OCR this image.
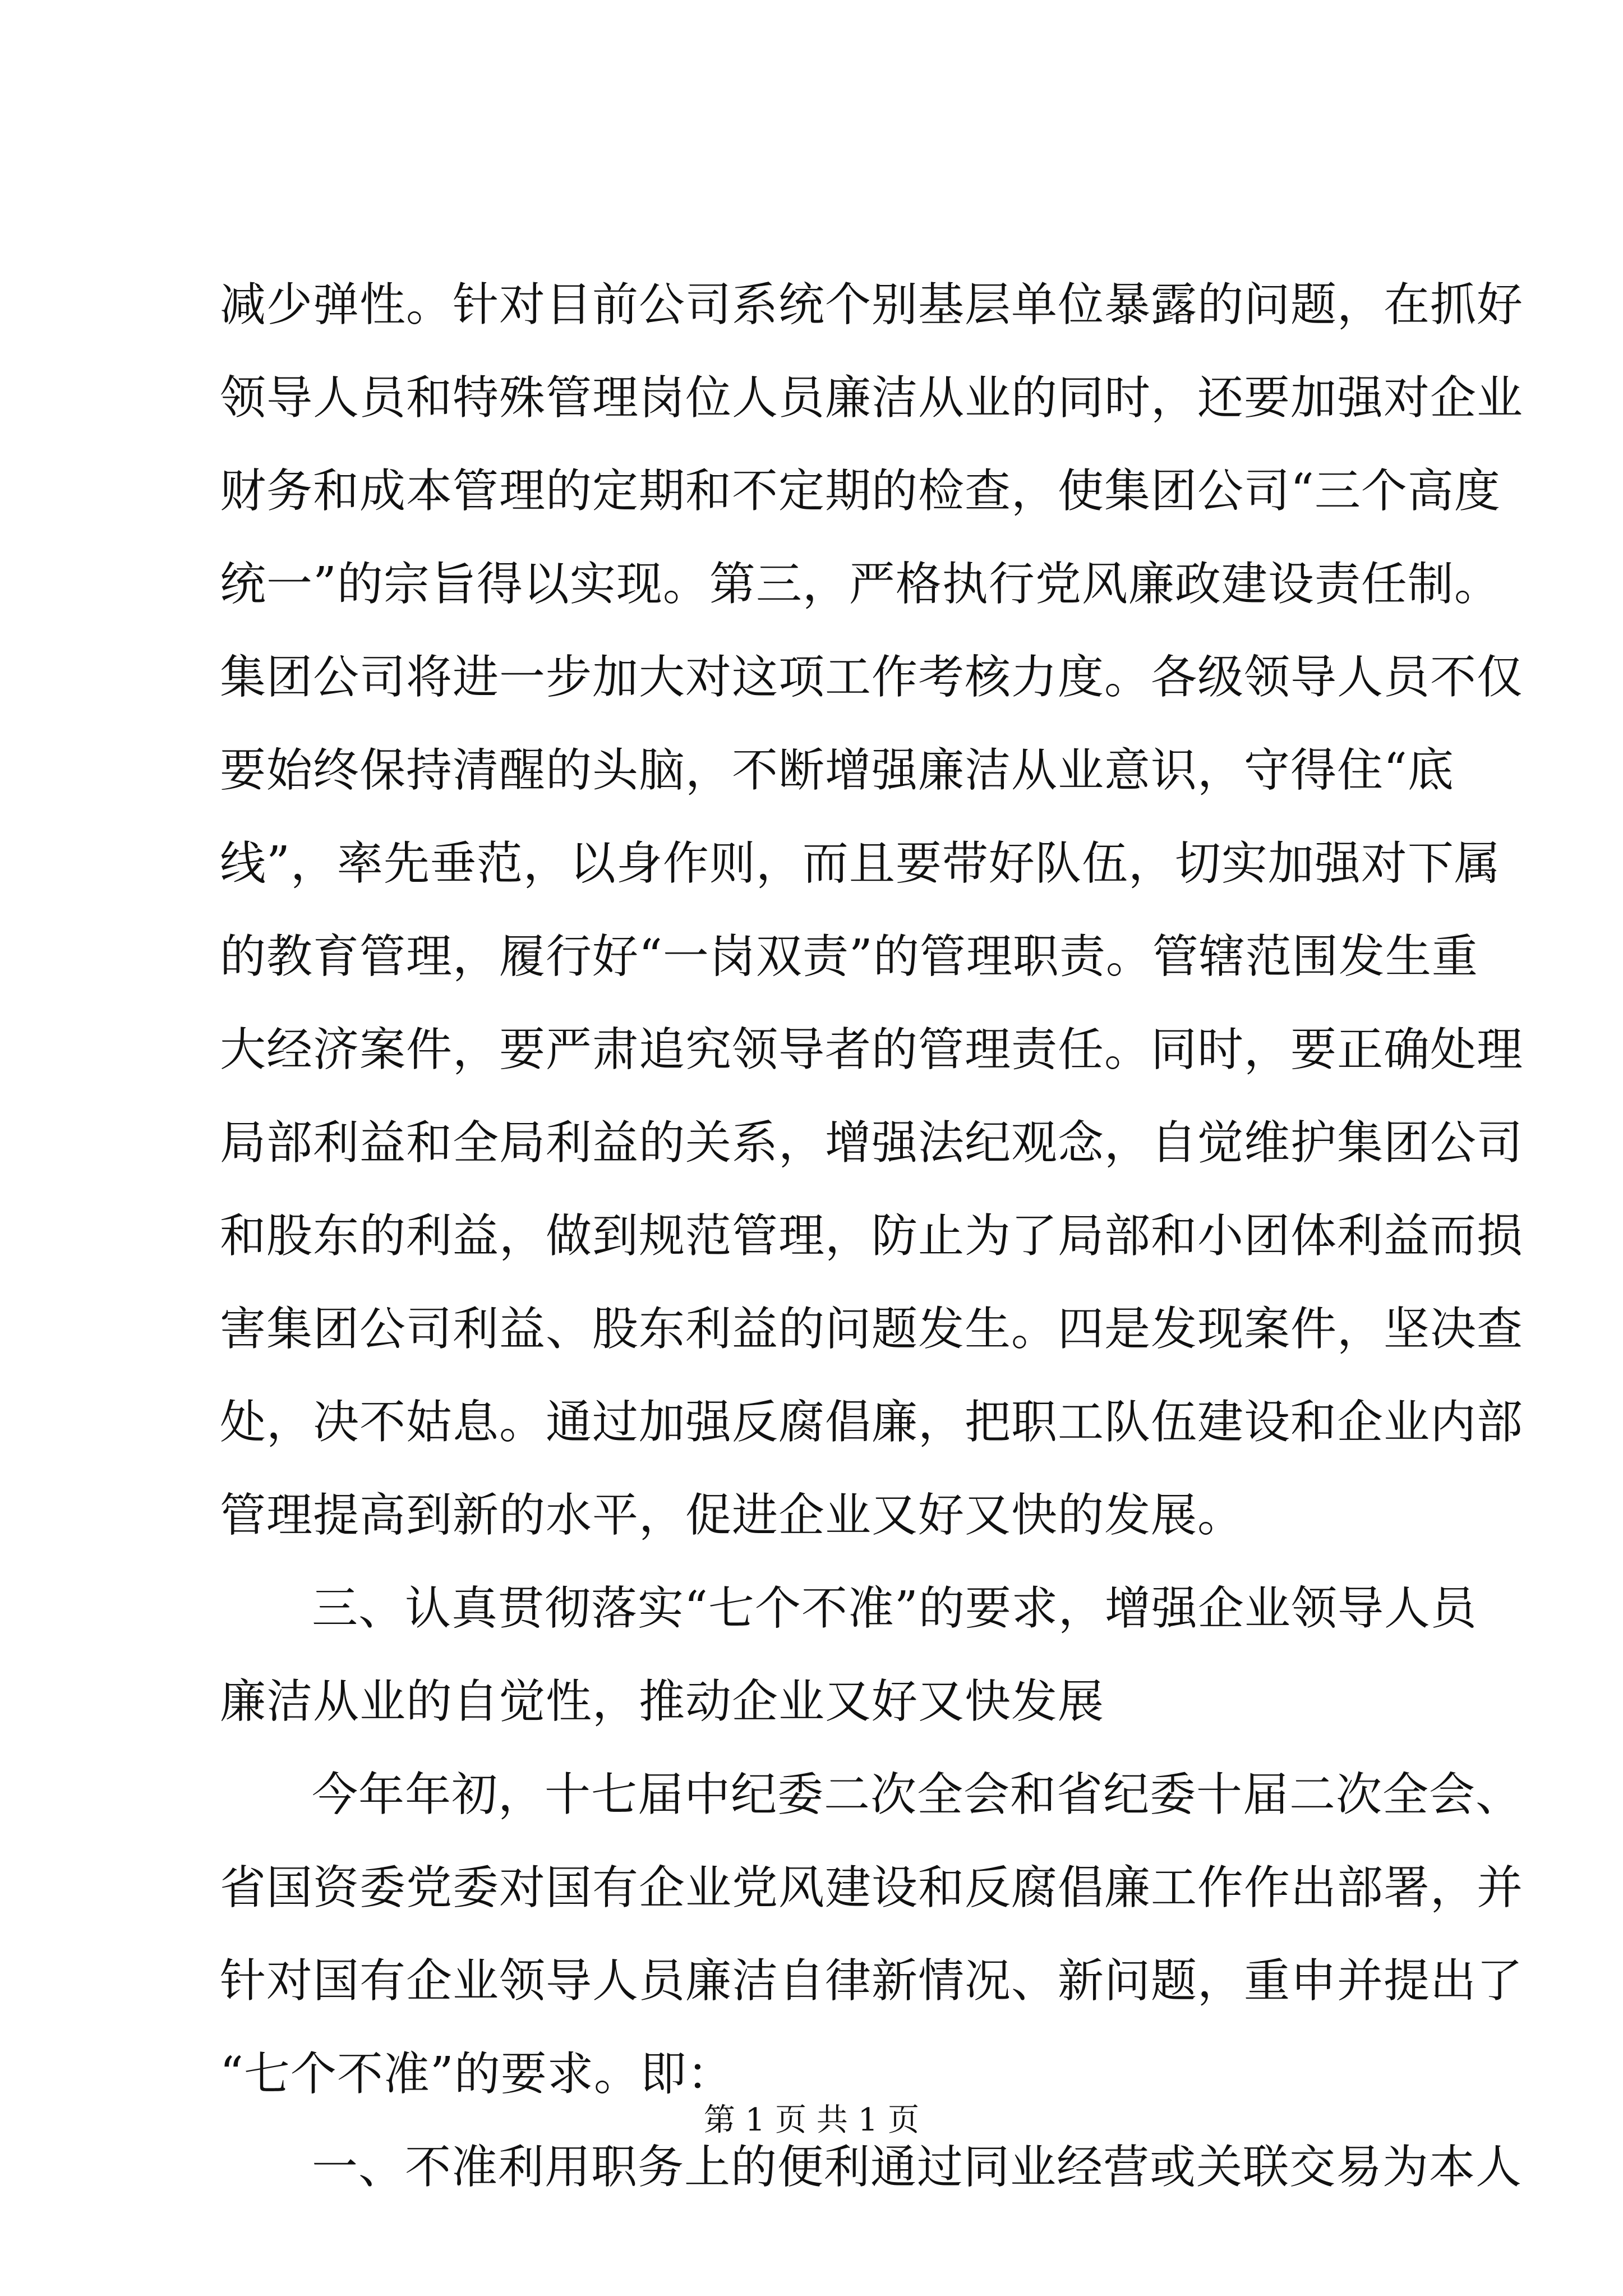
减少弹性。针对目前公司系统个别基层单位暴露的问题，在抓好
领导人员和特殊管理岗位人员廉洁从业的同时，还要加强对企业
财务和成本管理的定期和不定期的检查，使集团公司“三个高度
统一”的宗旨得以实现。第三，严格执行党风廉政建设责任制。
集团公司将进一步加大对这项工作考核力度。各级领导人员不仅
要始终保持清醒的头脑，不断增强廉洁从业意识，守得住“底
线”，率先垂范，以身作则，而且要带好队伍，切实加强对下属
的教育管理，履行好“一岗双责”的管理职责。管辖范围发生重
大经济案件，要严肃追究领导者的管理责任。同时，要正确处理
局部利益和全局利益的关系，增强法纪观念，自觉维护集团公司
和股东的利益，做到规范管理，防止为了局部和小团体利益而损
害集团公司利益、股东利益的问题发生。四是发现案件，坚决查
处，决不姑息。通过加强反腐倡廉，把职工队伍建设和企业内部
管理提高到新的水平，促进企业又好又快的发展。
三、认真贯彻落实“七个不准”的要求，增强企业领导人员
廉洁从业的自觉性，推动企业又好又快发展
今年年初，十七届中纪委二次全会和省纪委十届二次全会、
省国资委党委对国有企业党风建设和反腐倡廉工作作出部署，并
针对国有企业领导人员廉洁自律新情况、新问题，重申并提出了
“七个不准”的要求。即：
一、不准利用职务上的便利通过同业经营或关联交易为本人
第 1 页 共 1 页
